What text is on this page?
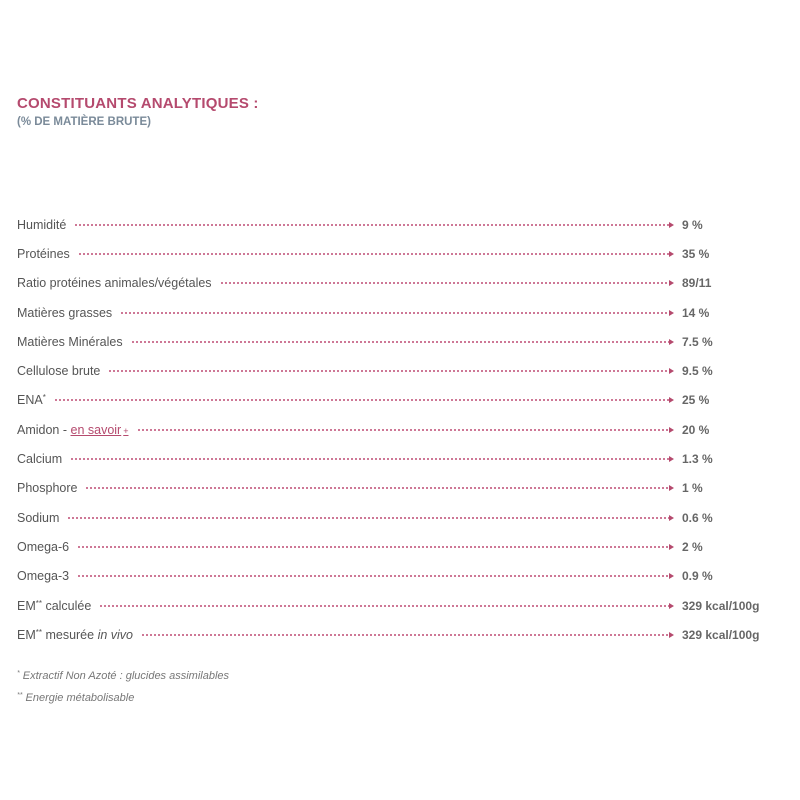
CONSTITUANTS ANALYTIQUES :
(% DE MATIÈRE BRUTE)
Humidité	9 %
Protéines	35 %
Ratio protéines animales/végétales	89/11
Matières grasses	14 %
Matières Minérales	7.5 %
Cellulose brute	9.5 %
ENA*	25 %
Amidon - en savoir +	20 %
Calcium	1.3 %
Phosphore	1 %
Sodium	0.6 %
Omega-6	2 %
Omega-3	0.9 %
EM** calculée	329 kcal/100g
EM** mesurée in vivo	329 kcal/100g
* Extractif Non Azoté : glucides assimilables
** Energie métabolisable
